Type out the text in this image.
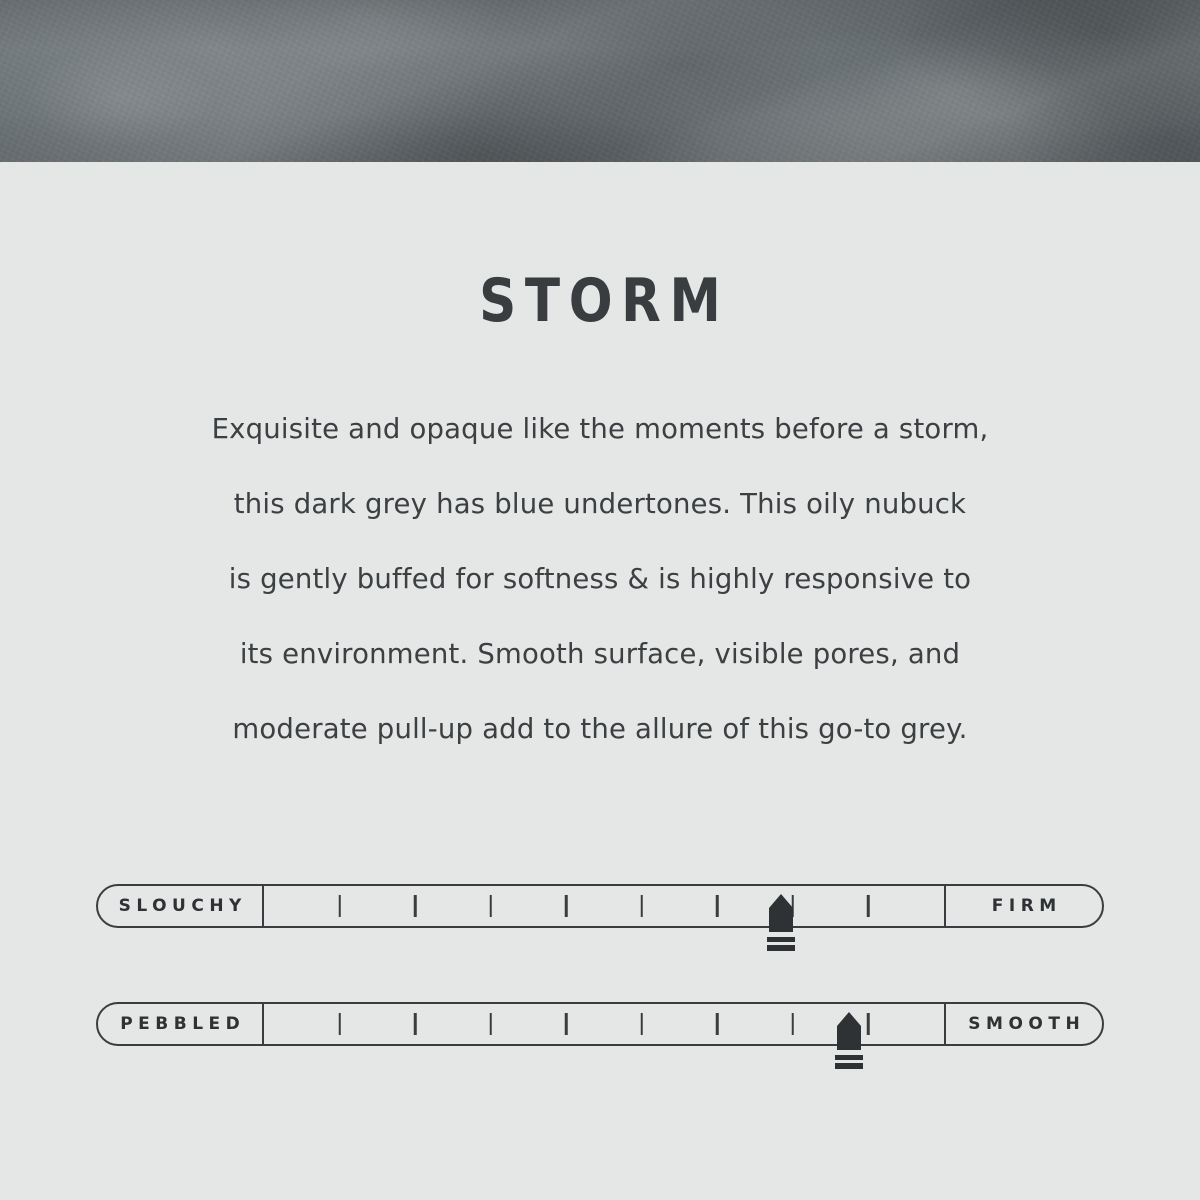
STORM
Exquisite and opaque like the moments before a storm,
this dark grey has blue undertones. This oily nubuck
is gently buffed for softness & is highly responsive to
its environment. Smooth surface, visible pores, and
moderate pull-up add to the allure of this go-to grey.
SLOUCHY	FIRM
PEBBLED	SMOOTH
